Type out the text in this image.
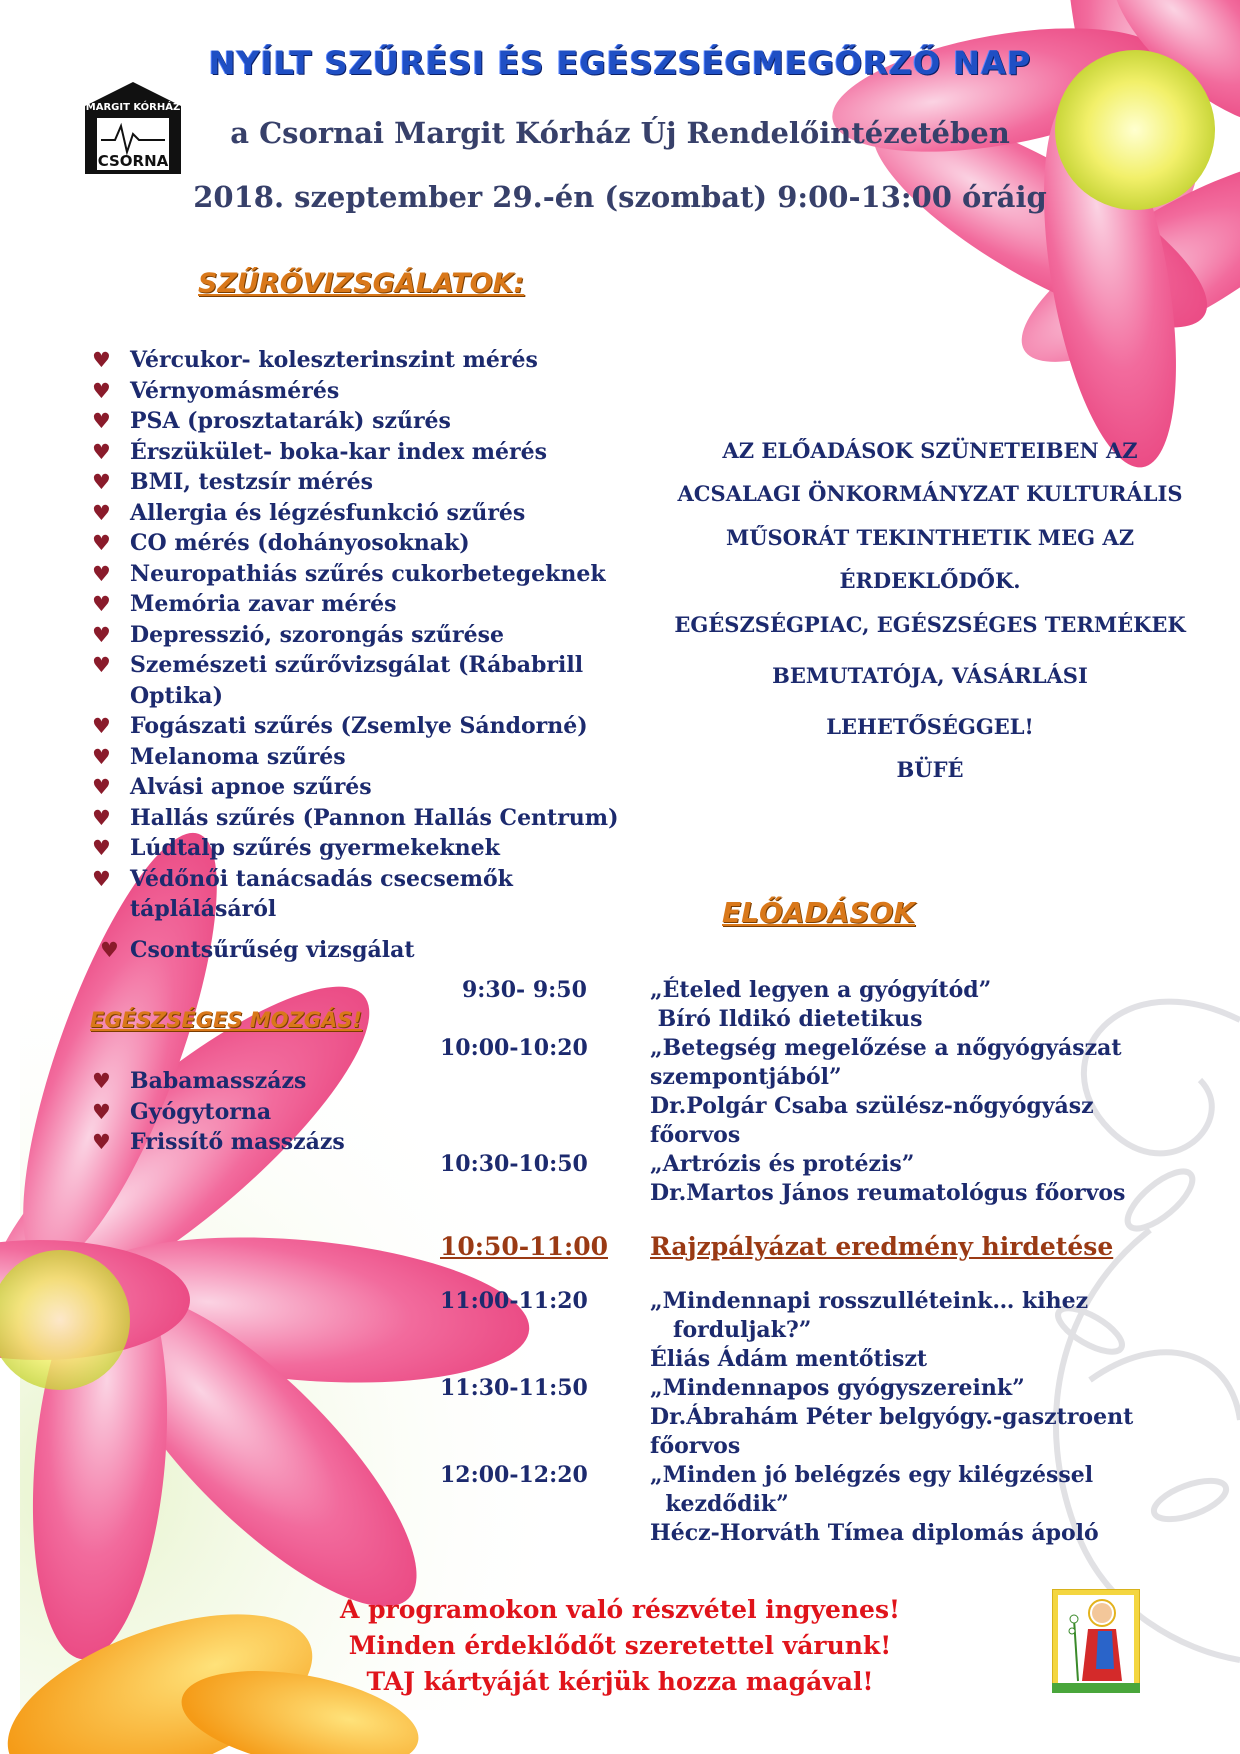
MARGIT KÓRHÁZ
CSORNA
NYÍLT SZŰRÉSI ÉS EGÉSZSÉGMEGŐRZŐ NAP
a Csornai Margit Kórház Új Rendelőintézetében
2018. szeptember 29.-én (szombat) 9:00-13:00 óráig
SZŰRŐVIZSGÁLATOK:
♥ Vércukor- koleszterinszint mérés
♥ Vérnyomásmérés
♥ PSA (prosztatarák) szűrés
♥ Érszükület- boka-kar index mérés
♥ BMI, testzsír mérés
♥ Allergia és légzésfunkció szűrés
♥ CO mérés (dohányosoknak)
♥ Neuropathiás szűrés cukorbetegeknek
♥ Memória zavar mérés
♥ Depresszió, szorongás szűrése
♥ Szemészeti szűrővizsgálat (Rábabrill Optika)
♥ Fogászati szűrés (Zsemlye Sándorné)
♥ Melanoma szűrés
♥ Alvási apnoe szűrés
♥ Hallás szűrés (Pannon Hallás Centrum)
♥ Lúdtalp szűrés gyermekeknek
♥ Védőnői tanácsadás csecsemők táplálásáról
♥ Csontsűrűség vizsgálat
AZ ELŐADÁSOK SZÜNETEIBEN AZ
ACSALAGI ÖNKORMÁNYZAT KULTURÁLIS
MŰSORÁT TEKINTHETIK MEG AZ
ÉRDEKLŐDŐK.
EGÉSZSÉGPIAC, EGÉSZSÉGES TERMÉKEK
BEMUTATÓJA, VÁSÁRLÁSI
LEHETŐSÉGGEL!
BÜFÉ
ELŐADÁSOK
EGÉSZSÉGES MOZGÁS!
♥ Babamasszázs
♥ Gyógytorna
♥ Frissítő masszázs
9:30- 9:50	„Ételed legyen a gyógyítód”
Bíró Ildikó dietetikus
10:00-10:20	„Betegség megelőzése a nőgyógyászat
szempontjából”
Dr.Polgár Csaba szülész-nőgyógyász
főorvos
10:30-10:50	„Artrózis és protézis”
Dr.Martos János reumatológus főorvos
10:50-11:00	Rajzpályázat eredmény hirdetése
11:00-11:20	„Mindennapi rosszulléteink… kihez
forduljak?”
Éliás Ádám mentőtiszt
11:30-11:50	„Mindennapos gyógyszereink”
Dr.Ábrahám Péter belgyógy.-gasztroent
főorvos
12:00-12:20	„Minden jó belégzés egy kilégzéssel
kezdődik”
Hécz-Horváth Tímea diplomás ápoló
A programokon való részvétel ingyenes!
Minden érdeklődőt szeretettel várunk!
TAJ kártyáját kérjük hozza magával!
